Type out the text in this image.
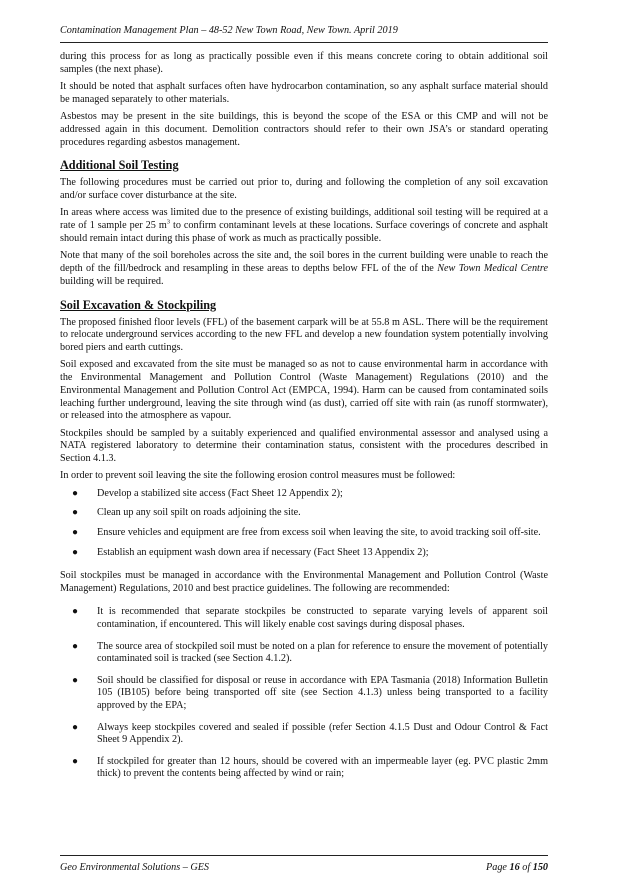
Contamination Management Plan – 48-52 New Town Road, New Town. April 2019

during this process for as long as practically possible even if this means concrete coring to obtain additional soil samples (the next phase).

It should be noted that asphalt surfaces often have hydrocarbon contamination, so any asphalt surface material should be managed separately to other materials.

Asbestos may be present in the site buildings, this is beyond the scope of the ESA or this CMP and will not be addressed again in this document. Demolition contractors should refer to their own JSA’s or standard operating procedures regarding asbestos management.

Additional Soil Testing

The following procedures must be carried out prior to, during and following the completion of any soil excavation and/or surface cover disturbance at the site.

In areas where access was limited due to the presence of existing buildings, additional soil testing will be required at a rate of 1 sample per 25 $m^3$ to confirm contaminant levels at these locations. Surface coverings of concrete and asphalt should remain intact during this phase of work as much as practically possible.

Note that many of the soil boreholes across the site and, the soil bores in the current building were unable to reach the depth of the fill/bedrock and resampling in these areas to depths below FFL of the of the New Town Medical Centre building will be required.

Soil Excavation & Stockpiling

The proposed finished floor levels (FFL) of the basement carpark will be at 55.8 m ASL. There will be the requirement to relocate underground services according to the new FFL and develop a new foundation system potentially involving bored piers and earth cuttings.

Soil exposed and excavated from the site must be managed so as not to cause environmental harm in accordance with the Environmental Management and Pollution Control (Waste Management) Regulations (2010) and the Environmental Management and Pollution Control Act (EMPCA, 1994). Harm can be caused from contaminated soils leaching further underground, leaving the site through wind (as dust), carried off site with rain (as runoff stormwater), or released into the atmosphere as vapour.

Stockpiles should be sampled by a suitably experienced and qualified environmental assessor and analysed using a NATA registered laboratory to determine their contamination status, consistent with the procedures described in Section 4.1.3.

In order to prevent soil leaving the site the following erosion control measures must be followed:

● Develop a stabilized site access (Fact Sheet 12 Appendix 2);
● Clean up any soil spilt on roads adjoining the site.
● Ensure vehicles and equipment are free from excess soil when leaving the site, to avoid tracking soil off-site.
● Establish an equipment wash down area if necessary (Fact Sheet 13 Appendix 2);

Soil stockpiles must be managed in accordance with the Environmental Management and Pollution Control (Waste Management) Regulations, 2010 and best practice guidelines. The following are recommended:

● It is recommended that separate stockpiles be constructed to separate varying levels of apparent soil contamination, if encountered. This will likely enable cost savings during disposal phases.
● The source area of stockpiled soil must be noted on a plan for reference to ensure the movement of potentially contaminated soil is tracked (see Section 4.1.2).
● Soil should be classified for disposal or reuse in accordance with EPA Tasmania (2018) Information Bulletin 105 (IB105) before being transported off site (see Section 4.1.3) unless being transported to a facility approved by the EPA;
● Always keep stockpiles covered and sealed if possible (refer Section 4.1.5 Dust and Odour Control & Fact Sheet 9 Appendix 2).
● If stockpiled for greater than 12 hours, should be covered with an impermeable layer (eg. PVC plastic 2mm thick) to prevent the contents being affected by wind or rain;
Geo Environmental Solutions – GES	Page 16 of 150
